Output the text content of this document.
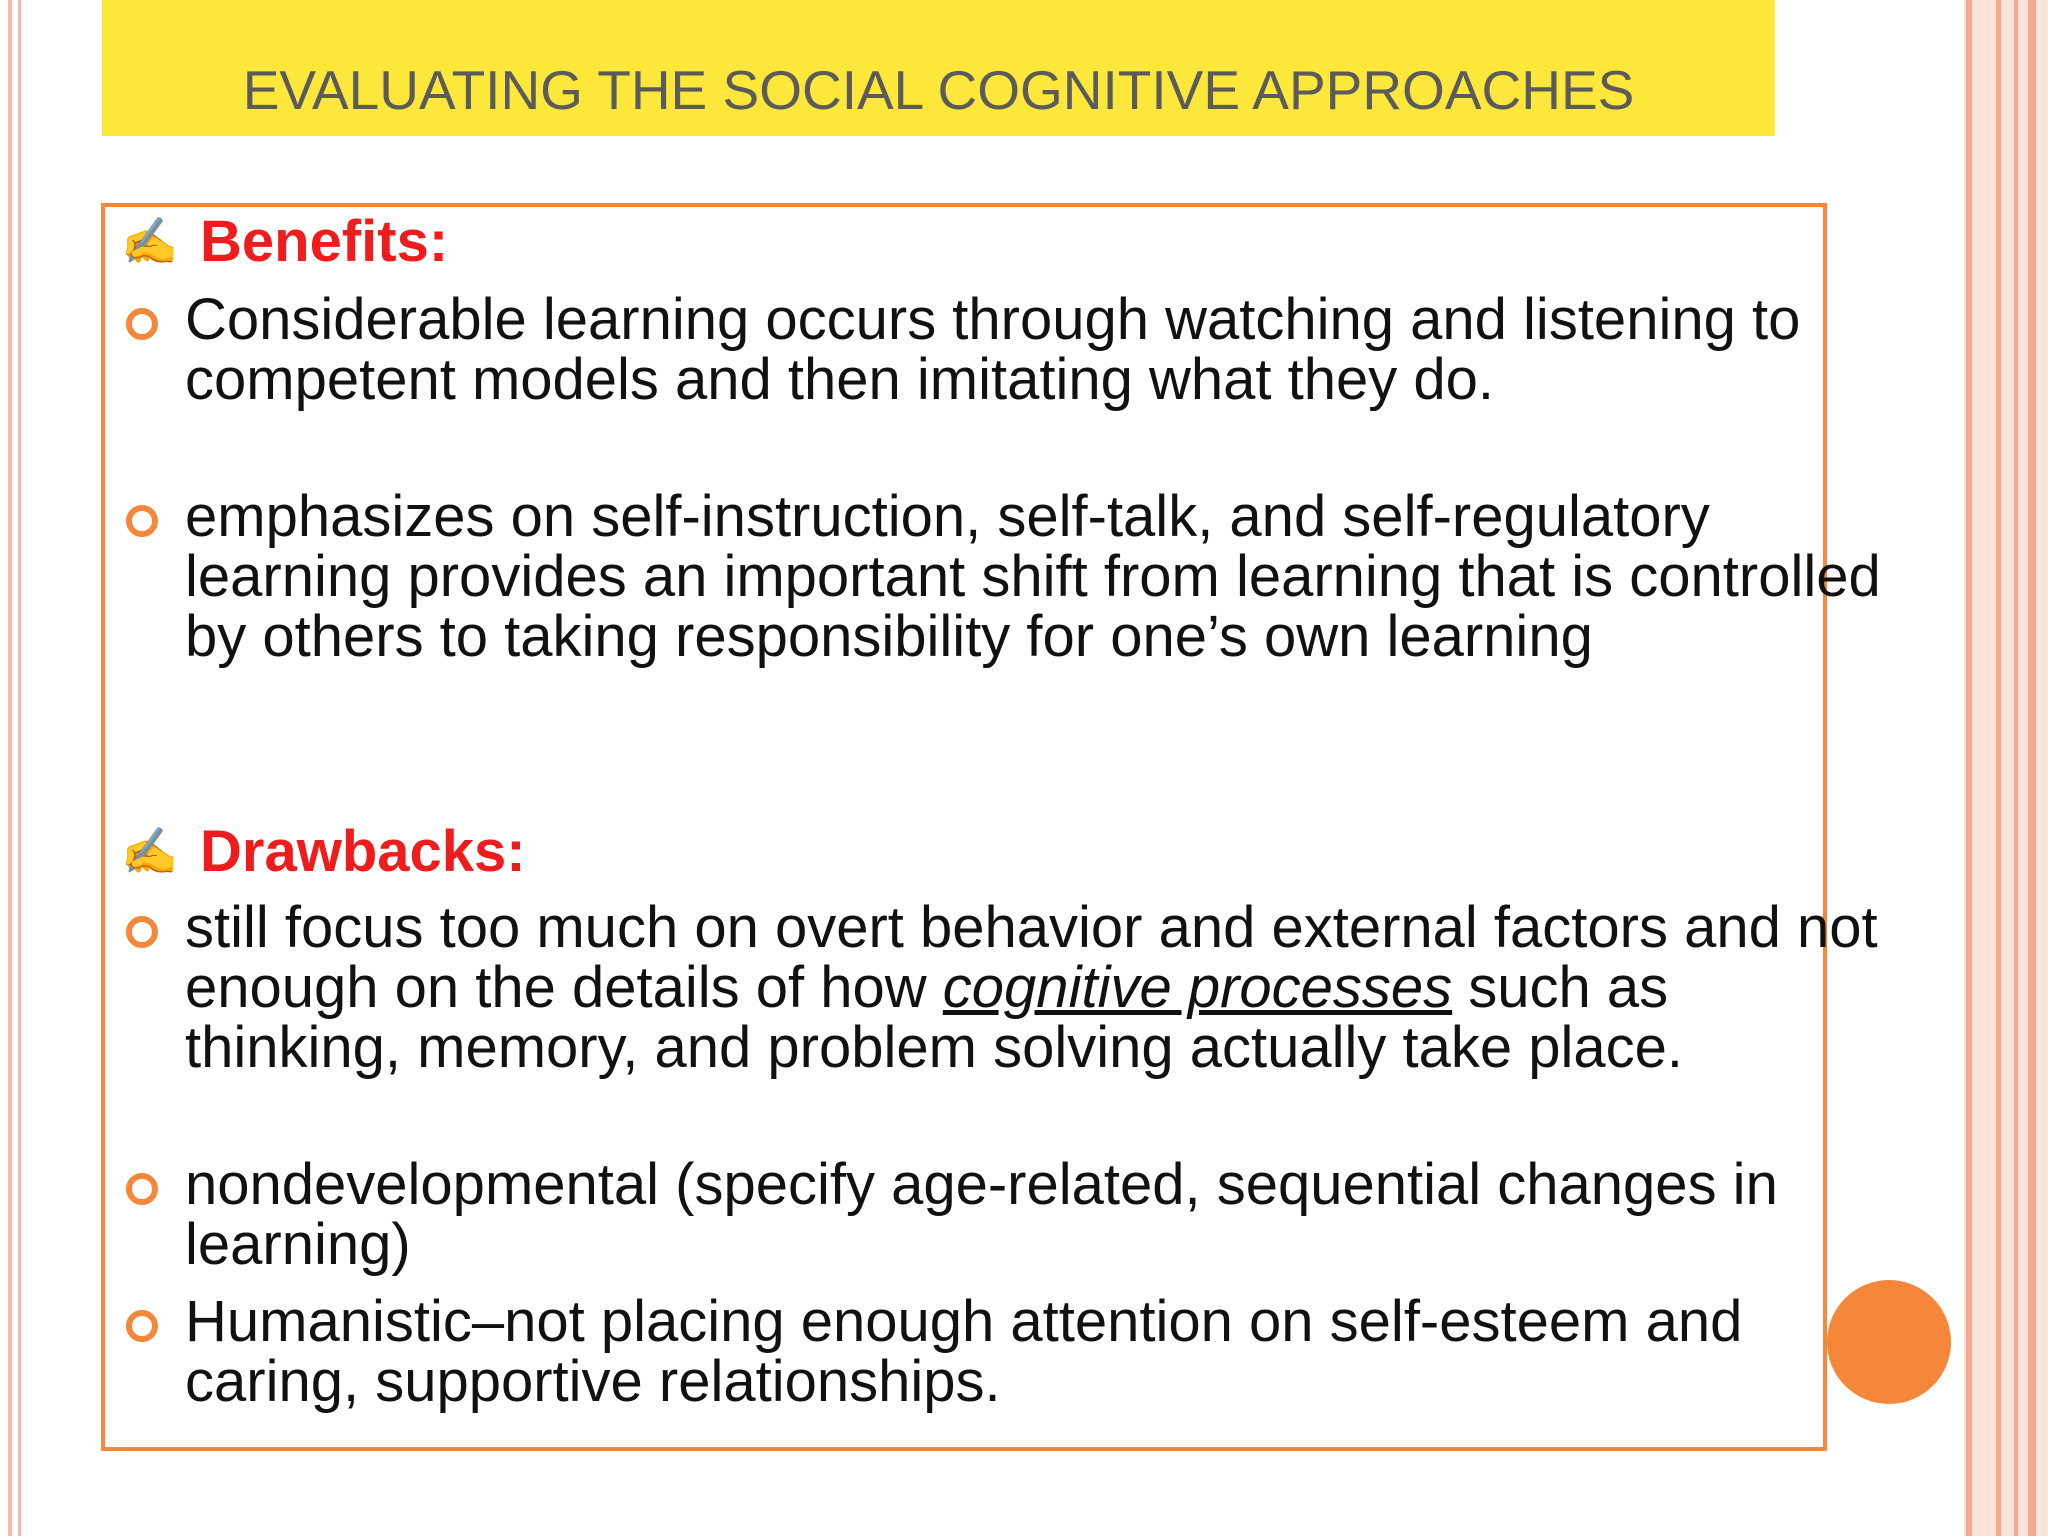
EVALUATING THE SOCIAL COGNITIVE APPROACHES
✍ Benefits:
Considerable learning occurs through watching and listening to competent models and then imitating what they do.
emphasizes on self-instruction, self-talk, and self-regulatory learning provides an important shift from learning that is controlled by others to taking responsibility for one’s own learning
✍ Drawbacks:
still focus too much on overt behavior and external factors and not enough on the details of how cognitive processes such as thinking, memory, and problem solving actually take place.
nondevelopmental (specify age-related, sequential changes in learning)
Humanistic–not placing enough attention on self-esteem and caring, supportive relationships.
